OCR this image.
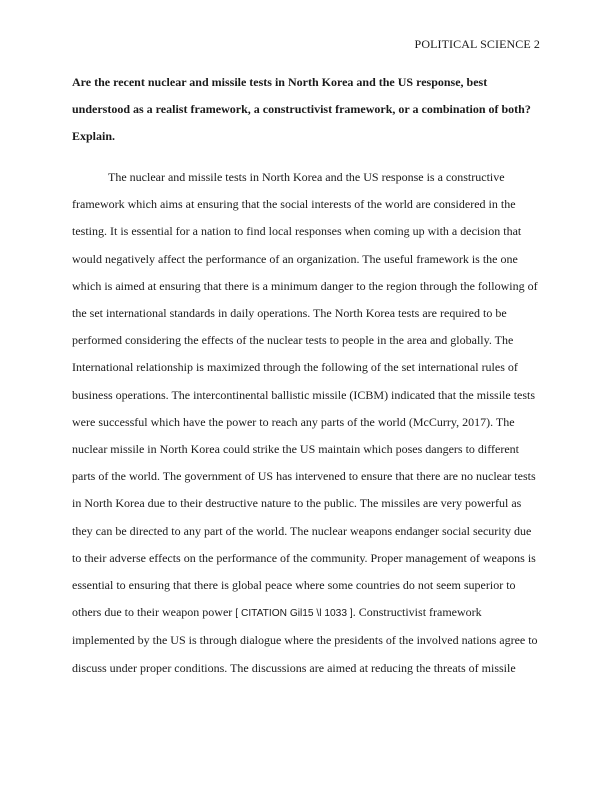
POLITICAL SCIENCE 2
Are the recent nuclear and missile tests in North Korea and the US response, best
understood as a realist framework, a constructivist framework, or a combination of both?
Explain.
The nuclear and missile tests in North Korea and the US response is a constructive
framework which aims at ensuring that the social interests of the world are considered in the
testing. It is essential for a nation to find local responses when coming up with a decision that
would negatively affect the performance of an organization. The useful framework is the one
which is aimed at ensuring that there is a minimum danger to the region through the following of
the set international standards in daily operations. The North Korea tests are required to be
performed considering the effects of the nuclear tests to people in the area and globally. The
International relationship is maximized through the following of the set international rules of
business operations. The intercontinental ballistic missile (ICBM) indicated that the missile tests
were successful which have the power to reach any parts of the world (McCurry, 2017). The
nuclear missile in North Korea could strike the US maintain which poses dangers to different
parts of the world. The government of US has intervened to ensure that there are no nuclear tests
in North Korea due to their destructive nature to the public. The missiles are very powerful as
they can be directed to any part of the world. The nuclear weapons endanger social security due
to their adverse effects on the performance of the community. Proper management of weapons is
essential to ensuring that there is global peace where some countries do not seem superior to
others due to their weapon power [ CITATION Gil15 \l 1033 ]. Constructivist framework
implemented by the US is through dialogue where the presidents of the involved nations agree to
discuss under proper conditions. The discussions are aimed at reducing the threats of missile
